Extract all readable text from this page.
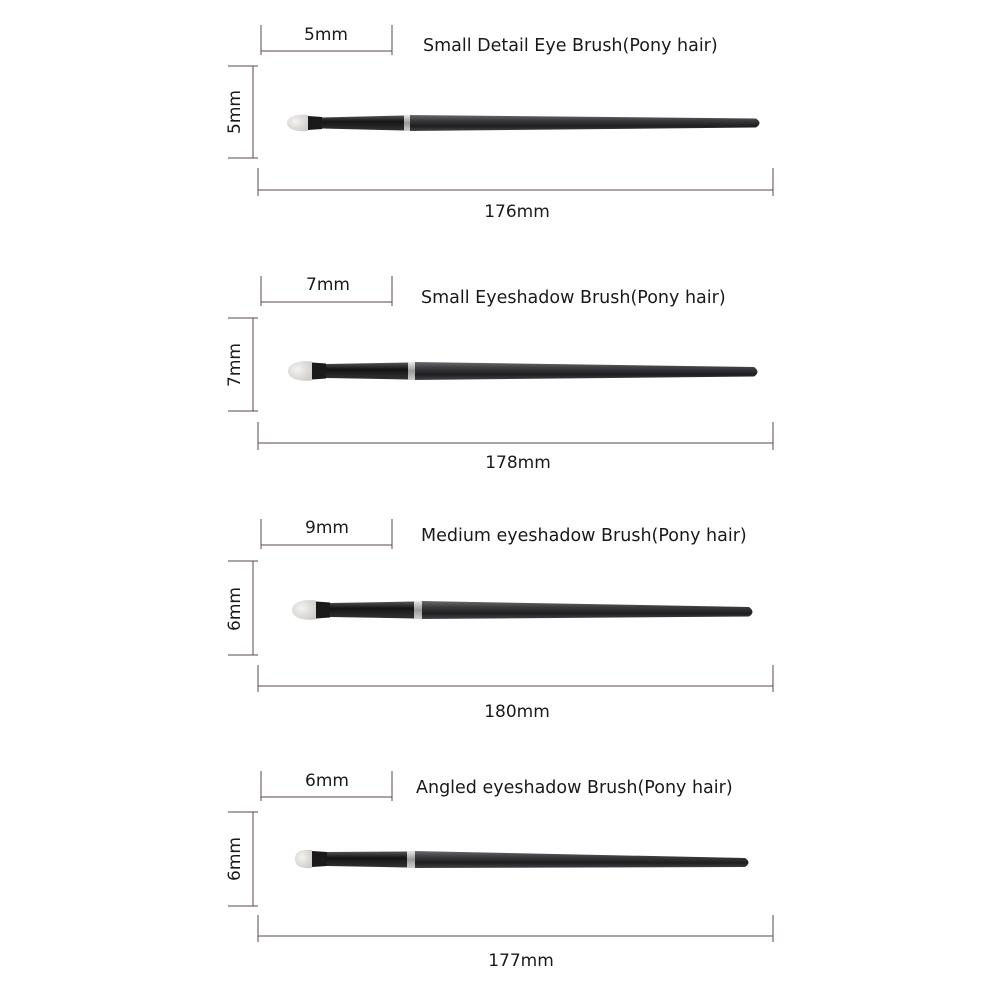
5mm
Small Detail Eye Brush(Pony hair)
5mm
176mm
7mm
Small Eyeshadow Brush(Pony hair)
7mm
178mm
9mm	Medium eyeshadow Brush(Pony hair)
6mm
180mm
6mm	Angled eyeshadow Brush(Pony hair)
6mm
177mm
